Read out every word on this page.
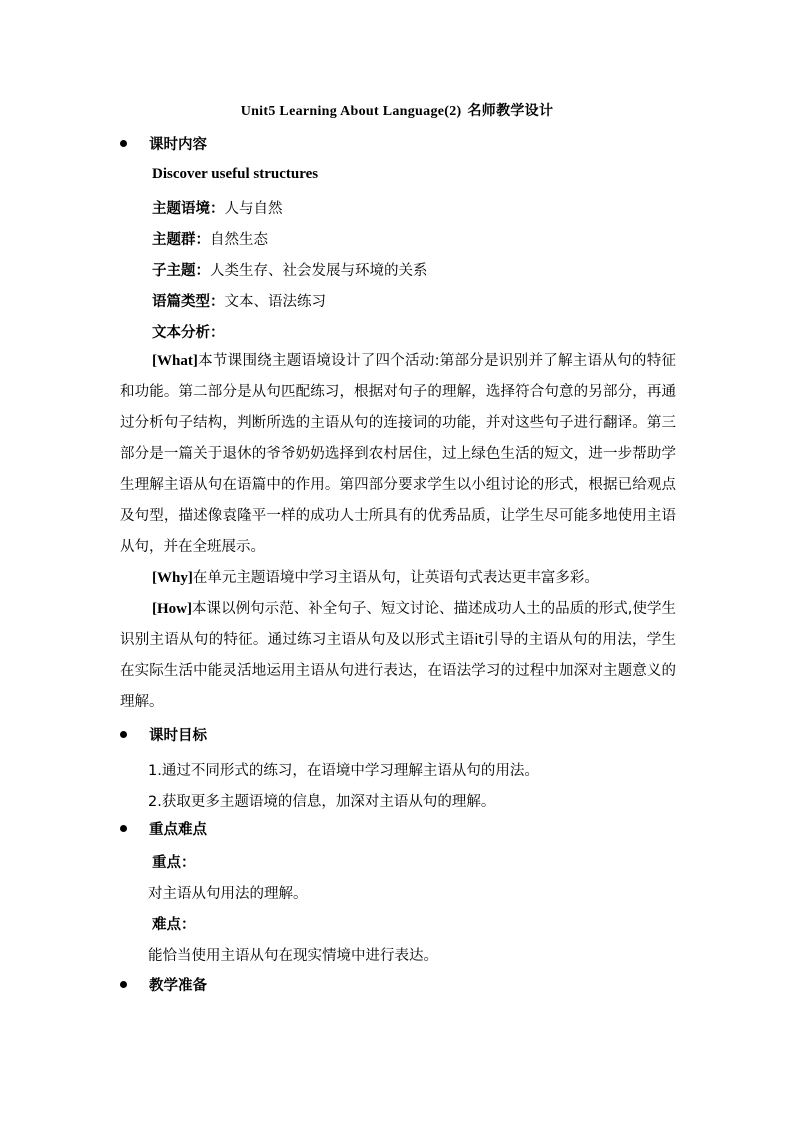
Unit5 Learning About Language(2) 名师教学设计
课时内容
Discover useful structures
主题语境：人与自然
主题群：自然生态
子主题：人类生存、社会发展与环境的关系
语篇类型：文本、语法练习
文本分析：
[What]本节课围绕主题语境设计了四个活动:第部分是识别并了解主语从句的特征和功能。第二部分是从句匹配练习，根据对句子的理解，选择符合句意的另部分，再通过分析句子结构，判断所选的主语从句的连接词的功能，并对这些句子进行翻译。第三部分是一篇关于退休的爷爷奶奶选择到农村居住，过上绿色生活的短文，进一步帮助学生理解主语从句在语篇中的作用。第四部分要求学生以小组讨论的形式，根据已给观点及句型，描述像袁隆平一样的成功人士所具有的优秀品质，让学生尽可能多地使用主语从句，并在全班展示。
[Why]在单元主题语境中学习主语从句，让英语句式表达更丰富多彩。
[How]本课以例句示范、补全句子、短文讨论、描述成功人土的品质的形式,使学生识别主语从句的特征。通过练习主语从句及以形式主语it引导的主语从句的用法，学生在实际生活中能灵活地运用主语从句进行表达，在语法学习的过程中加深对主题意义的理解。
课时目标
1.通过不同形式的练习，在语境中学习理解主语从句的用法。
2.获取更多主题语境的信息，加深对主语从句的理解。
重点难点
重点：
对主语从句用法的理解。
难点：
能恰当使用主语从句在现实情境中进行表达。
教学准备
